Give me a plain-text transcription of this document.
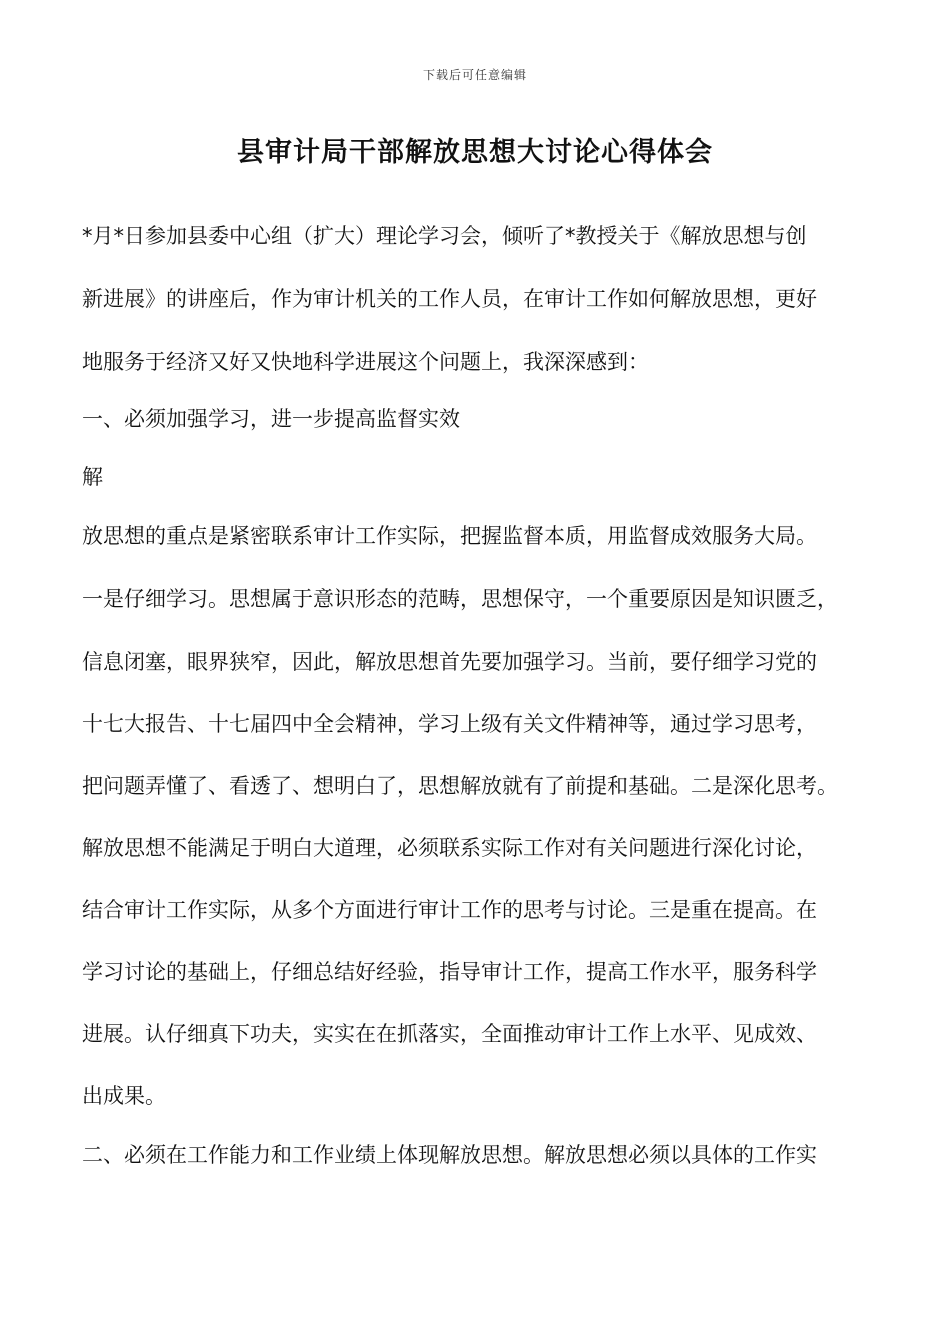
下载后可任意编辑
县审计局干部解放思想大讨论心得体会
*月*日参加县委中心组（扩大）理论学习会，倾听了*教授关于《解放思想与创
新进展》的讲座后，作为审计机关的工作人员，在审计工作如何解放思想，更好
地服务于经济又好又快地科学进展这个问题上，我深深感到：
一、必须加强学习，进一步提高监督实效
解
放思想的重点是紧密联系审计工作实际，把握监督本质，用监督成效服务大局。
一是仔细学习。思想属于意识形态的范畴，思想保守，一个重要原因是知识匮乏，
信息闭塞，眼界狭窄，因此，解放思想首先要加强学习。当前，要仔细学习党的
十七大报告、十七届四中全会精神，学习上级有关文件精神等，通过学习思考，
把问题弄懂了、看透了、想明白了，思想解放就有了前提和基础。二是深化思考。
解放思想不能满足于明白大道理，必须联系实际工作对有关问题进行深化讨论，
结合审计工作实际，从多个方面进行审计工作的思考与讨论。三是重在提高。在
学习讨论的基础上，仔细总结好经验，指导审计工作，提高工作水平，服务科学
进展。认仔细真下功夫，实实在在抓落实，全面推动审计工作上水平、见成效、
出成果。
二、必须在工作能力和工作业绩上体现解放思想。解放思想必须以具体的工作实
